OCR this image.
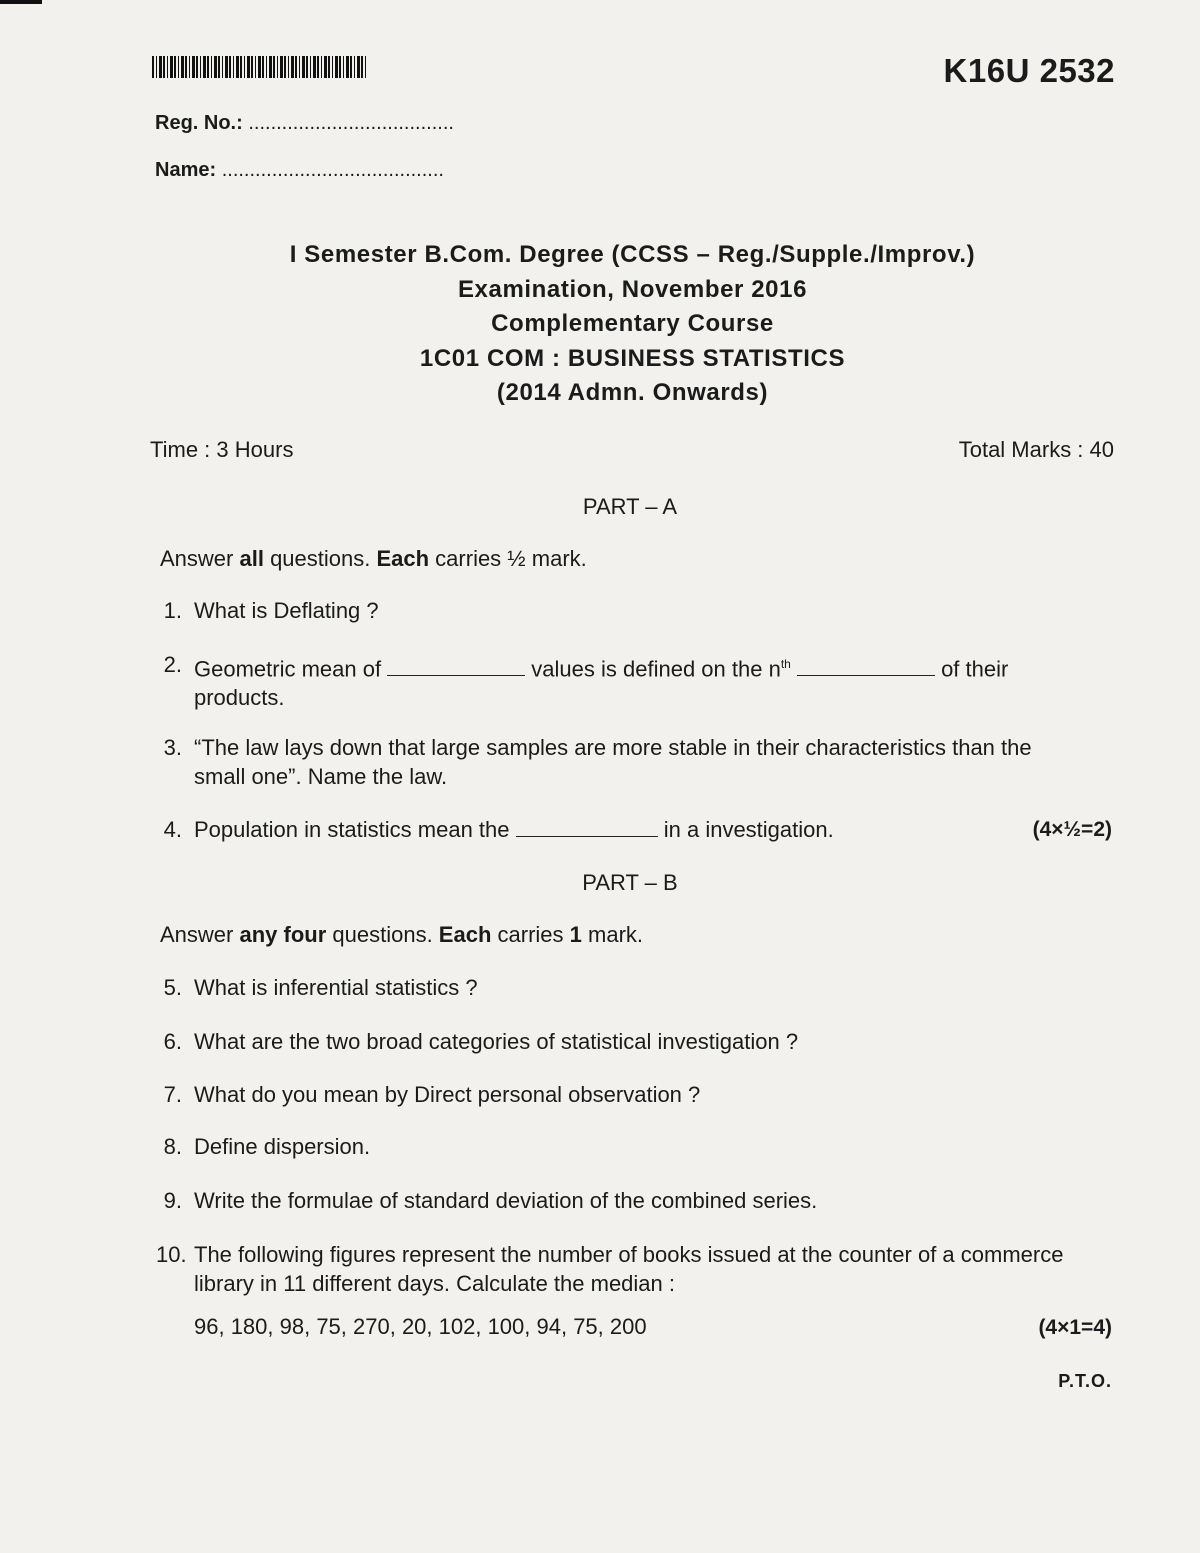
K16U 2532
Reg. No.: .....................................
Name: ........................................
I Semester B.Com. Degree (CCSS – Reg./Supple./Improv.)
Examination, November 2016
Complementary Course
1C01 COM : BUSINESS STATISTICS
(2014 Admn. Onwards)
Time : 3 Hours	Total Marks : 40
PART – A
Answer all questions. Each carries ½ mark.
1. What is Deflating ?
2. Geometric mean of	values is defined on the $n^{th}$	of their products.
3. “The law lays down that large samples are more stable in their characteristics than the small one”. Name the law.
4. Population in statistics mean the	in a investigation.	(4×½=2)
PART – B
Answer any four questions. Each carries 1 mark.
5. What is inferential statistics ?
6. What are the two broad categories of statistical investigation ?
7. What do you mean by Direct personal observation ?
8. Define dispersion.
9. Write the formulae of standard deviation of the combined series.
10. The following figures represent the number of books issued at the counter of a commerce library in 11 different days. Calculate the median :
96, 180, 98, 75, 270, 20, 102, 100, 94, 75, 200	(4×1=4)
P.T.O.
